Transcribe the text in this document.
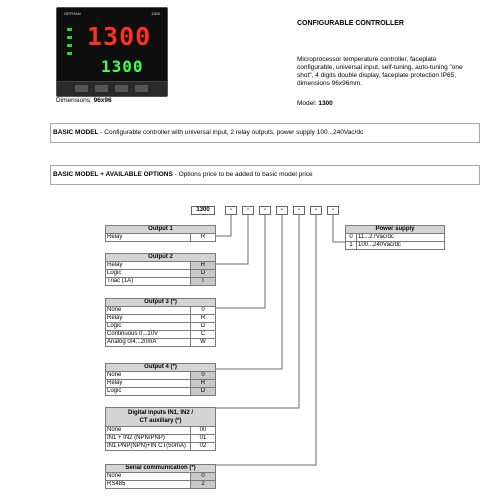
GEFRAN	1300
1300
1300
Dimensions: 96x96
CONFIGURABLE CONTROLLER
Microprocessor temperature controller, faceplate configurable, universal input, self-tuning, auto-tuning "one shot", 4 digits double display, faceplate protection IP65, dimensions 96x96mm.
Model: 1300
BASIC MODEL - Configurable controller with universal input, 2 relay outputs, power supply 100...240Vac/dc
BASIC MODEL + AVAILABLE OPTIONS - Options price to be added to basic model price
1300	-	-	-	-	-	-	-
Output 1
Relay	R
Output 2	
Relay	R
Logic	D
Triac (1A)	T
Output 3 (*)	
None	0
Relay	R
Logic	D
Continuous 0...10V	C
Analog 0/4...20mA	W
Output 4 (*)	
None	0
Relay	R
Logic	D
Digital inputs IN1, IN2 /
CT auxiliary (*)	
None	00
IN1 + IN2 (NPN/PNP)	01
IN1 PNP(NPN)+IN CT(50mA)	02
Serial communication (*)	
None	0
RS485	2
Power supply	
0	11...27Vac/dc
1	100...240Vac/dc
